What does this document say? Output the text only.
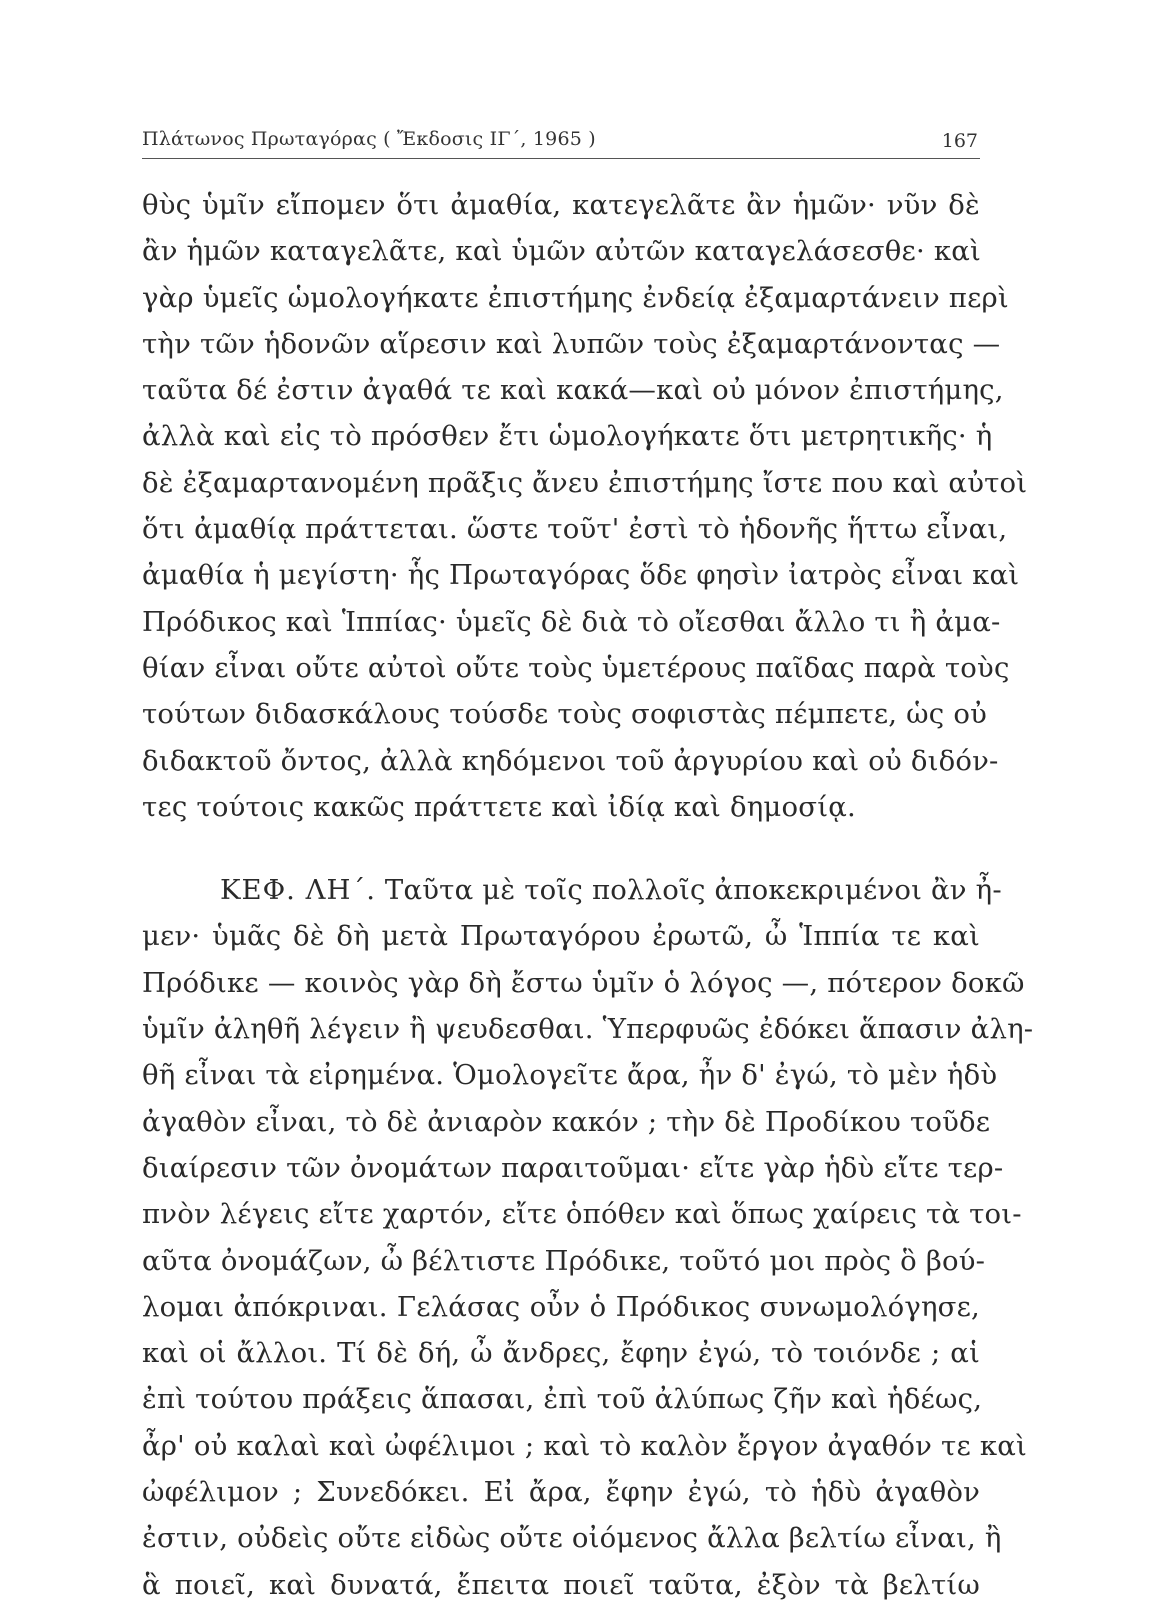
Πλάτωνος Πρωταγόρας ( Ἔκδοσις ΙΓ΄, 1965 )	167
θὺς ὑμῖν εἴπομεν ὅτι ἀμαθία, κατεγελᾶτε ἂν ἡμῶν· νῦν δὲ
ἂν ἡμῶν καταγελᾶτε, καὶ ὑμῶν αὐτῶν καταγελάσεσθε· καὶ
γὰρ ὑμεῖς ὡμολογήκατε ἐπιστήμης ἐνδείᾳ ἐξαμαρτάνειν περὶ
τὴν τῶν ἡδονῶν αἵρεσιν καὶ λυπῶν τοὺς ἐξαμαρτάνοντας —
ταῦτα δέ ἐστιν ἀγαθά τε καὶ κακά—καὶ οὐ μόνον ἐπιστήμης,
ἀλλὰ καὶ εἰς τὸ πρόσθεν ἔτι ὡμολογήκατε ὅτι μετρητικῆς· ἡ
δὲ ἐξαμαρτανομένη πρᾶξις ἄνευ ἐπιστήμης ἴστε που καὶ αὐτοὶ
ὅτι ἀμαθίᾳ πράττεται. ὥστε τοῦτ' ἐστὶ τὸ ἡδονῆς ἥττω εἶναι,
ἀμαθία ἡ μεγίστη· ἧς Πρωταγόρας ὅδε φησὶν ἰατρὸς εἶναι καὶ
Πρόδικος καὶ Ἱππίας· ὑμεῖς δὲ διὰ τὸ οἴεσθαι ἄλλο τι ἢ ἀμα-
θίαν εἶναι οὔτε αὐτοὶ οὔτε τοὺς ὑμετέρους παῖδας παρὰ τοὺς
τούτων διδασκάλους τούσδε τοὺς σοφιστὰς πέμπετε, ὡς οὐ
διδακτοῦ ὄντος, ἀλλὰ κηδόμενοι τοῦ ἀργυρίου καὶ οὐ διδόν-
τες τούτοις κακῶς πράττετε καὶ ἰδίᾳ καὶ δημοσίᾳ.
ΚΕΦ. ΛΗ΄. Ταῦτα μὲ τοῖς πολλοῖς ἀποκεκριμένοι ἂν ἦ-
μεν· ὑμᾶς δὲ δὴ μετὰ Πρωταγόρου ἐρωτῶ, ὦ Ἱππία τε καὶ
Πρόδικε — κοινὸς γὰρ δὴ ἔστω ὑμῖν ὁ λόγος —, πότερον δοκῶ
ὑμῖν ἀληθῆ λέγειν ἢ ψευδεσθαι. Ὑπερφυῶς ἐδόκει ἅπασιν ἀλη-
θῆ εἶναι τὰ εἰρημένα. Ὁμολογεῖτε ἄρα, ἦν δ' ἐγώ, τὸ μὲν ἡδὺ
ἀγαθὸν εἶναι, τὸ δὲ ἀνιαρὸν κακόν ; τὴν δὲ Προδίκου τοῦδε
διαίρεσιν τῶν ὀνομάτων παραιτοῦμαι· εἴτε γὰρ ἡδὺ εἴτε τερ-
πνὸν λέγεις εἴτε χαρτόν, εἴτε ὁπόθεν καὶ ὅπως χαίρεις τὰ τοι-
αῦτα ὀνομάζων, ὦ βέλτιστε Πρόδικε, τοῦτό μοι πρὸς ὃ βού-
λομαι ἀπόκριναι. Γελάσας οὖν ὁ Πρόδικος συνωμολόγησε,
καὶ οἱ ἄλλοι. Τί δὲ δή, ὦ ἄνδρες, ἔφην ἐγώ, τὸ τοιόνδε ; αἱ
ἐπὶ τούτου πράξεις ἅπασαι, ἐπὶ τοῦ ἀλύπως ζῆν καὶ ἡδέως,
ἆρ' οὐ καλαὶ καὶ ὠφέλιμοι ; καὶ τὸ καλὸν ἔργον ἀγαθόν τε καὶ
ὠφέλιμον ; Συνεδόκει. Εἰ ἄρα, ἔφην ἐγώ, τὸ ἡδὺ ἀγαθὸν
ἐστιν, οὐδεὶς οὔτε εἰδὼς οὔτε οἰόμενος ἄλλα βελτίω εἶναι, ἢ
ἃ ποιεῖ, καὶ δυνατά, ἔπειτα ποιεῖ ταῦτα, ἐξὸν τὰ βελτίω
